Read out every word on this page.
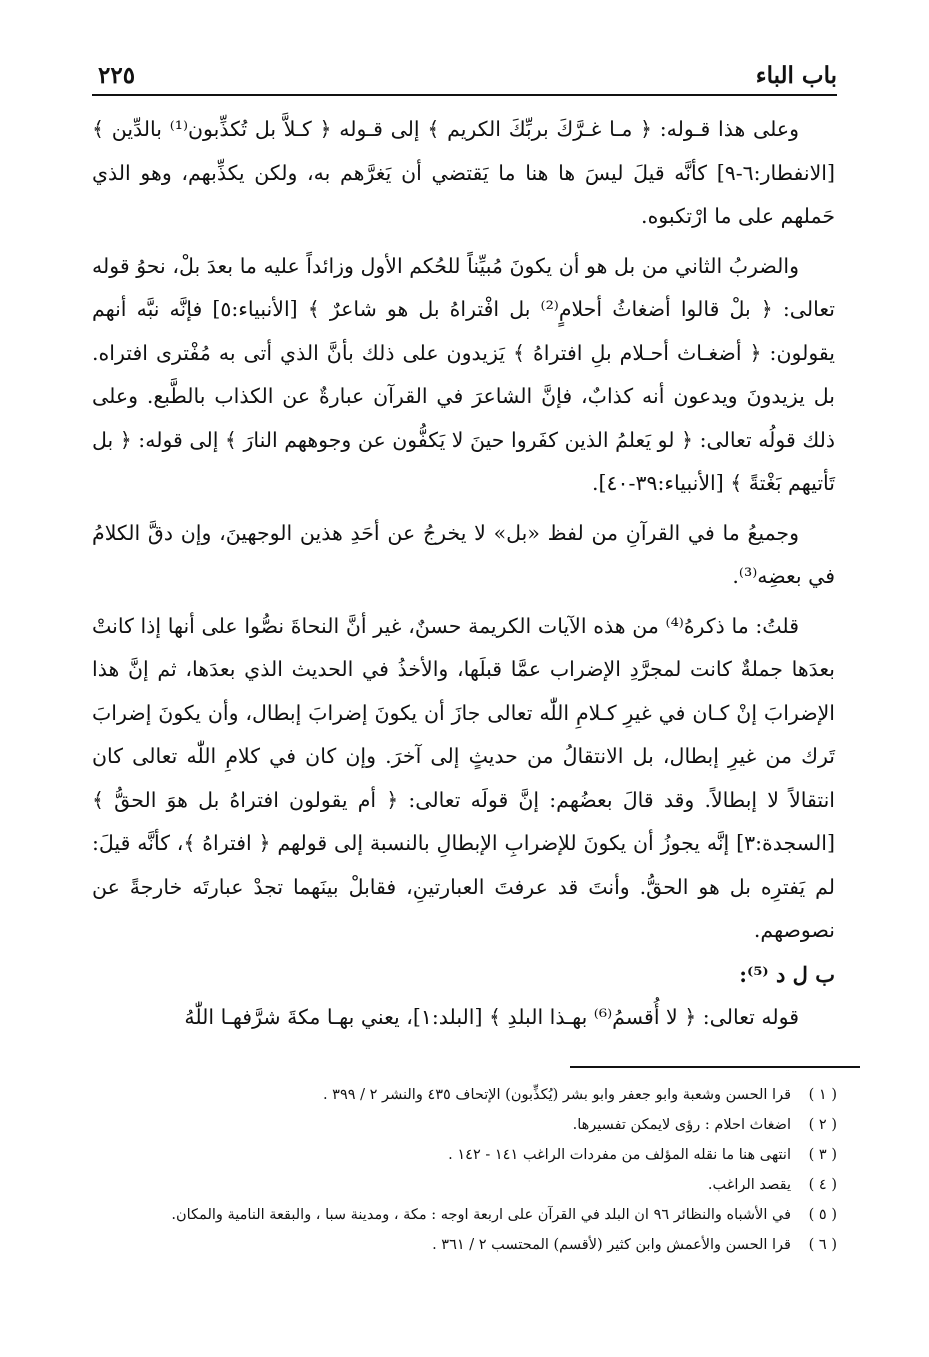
باب الباء
٢٢٥

وعلى هذا قـوله: ﴿ مـا غـرَّكَ بربِّكَ الكريم ﴾ إلى قـوله ﴿ كـلاَّ بل تُكذِّبون⁽¹⁾ بالدِّين ﴾ [الانفطار:٦-٩] كأنَّه قيلَ ليسَ ها هنا ما يَقتضي أن يَغرَّهم به، ولكن يكذِّبهم، وهو الذي حَملهم على ما ارْتكبوه.

والضربُ الثاني من بل هو أن يكونَ مُبيِّناً للحُكم الأول وزائداً عليه ما بعدَ بلْ، نحوُ قوله تعالى: ﴿ بلْ قالوا أضغاثُ أحلامٍ⁽²⁾ بل افْتراهُ بل هو شاعرٌ ﴾ [الأنبياء:٥] فإنَّه نبَّه أنهم يقولون: ﴿ أضغـاث أحـلام بلِ افتراهُ ﴾ يَزيدون على ذلك بأنَّ الذي أتى به مُفْترى افتراه. بل يزيدونَ ويدعون أنه كذابٌ، فإنَّ الشاعرَ في القرآن عبارةٌ عن الكذاب بالطَّبع. وعلى ذلك قولُه تعالى: ﴿ لو يَعلمُ الذين كفَروا حينَ لا يَكفُّون عن وجوههم النارَ ﴾ إلى قوله: ﴿ بل تَأتيهم بَغْتةً ﴾ [الأنبياء:٣٩-٤٠].

وجميعُ ما في القرآنِ من لفظ «بل» لا يخرجُ عن أحَدِ هذين الوجهينَ، وإن دقَّ الكلامُ في بعضِه⁽³⁾.

قلتُ: ما ذكرهُ⁽⁴⁾ من هذه الآيات الكريمة حسنٌ، غير أنَّ النحاةَ نصُّوا على أنها إذا كانتْ بعدَها جملةٌ كانت لمجرَّدِ الإضراب عمَّا قبلَها، والأخذُ في الحديث الذي بعدَها، ثم إنَّ هذا الإضرابَ إنْ كـان في غيرِ كـلامِ اللّٰه تعالى جازَ أن يكونَ إضرابَ إبطال، وأن يكونَ إضرابَ تَرك من غيرِ إبطال، بل الانتقالُ من حديثٍ إلى آخرَ. وإن كان في كلامِ اللّٰه تعالى كان انتقالاً لا إبطالاً. وقد قالَ بعضُهم: إنَّ قولَه تعالى: ﴿ أم يقولون افتراهُ بل هوَ الحقُّ ﴾ [السجدة:٣] إنَّه يجوزُ أن يكونَ للإضرابِ الإبطالِ بالنسبة إلى قولهم ﴿ افتراهُ ﴾، كأنَّه قيلَ: لم يَفترِه بل هو الحقُّ. وأنتَ قد عرفتَ العبارتينِ، فقابلْ بينَهما تجدْ عبارتَه خارجةً عن نصوصهم.

ب ل د ⁽⁵⁾:

قوله تعالى: ﴿ لا أُقسمُ⁽⁶⁾ بهـذا البلدِ ﴾ [البلد:١]، يعني بهـا مكةَ شرَّفهـا اللّٰهُ

( ١ )
قرا الحسن وشعبة وابو جعفر وابو بشر (يُكذِّبون) الإتحاف ٤٣٥ والنشر ٢ / ٣٩٩ .
( ٢ )
اضغاث احلام : رؤى لايمكن تفسيرها.
( ٣ )
انتهى هنا ما نقله المؤلف من مفردات الراغب ١٤١ - ١٤٢ .
( ٤ )
يقصد الراغب.
( ٥ )
في الأشباه والنظائر ٩٦ ان البلد في القرآن على اربعة اوجه : مكة ، ومدينة سبا ، والبقعة النامية والمكان.
( ٦ )
قرا الحسن والأعمش وابن كثير (لأقسم) المحتسب ٢ / ٣٦١ .
